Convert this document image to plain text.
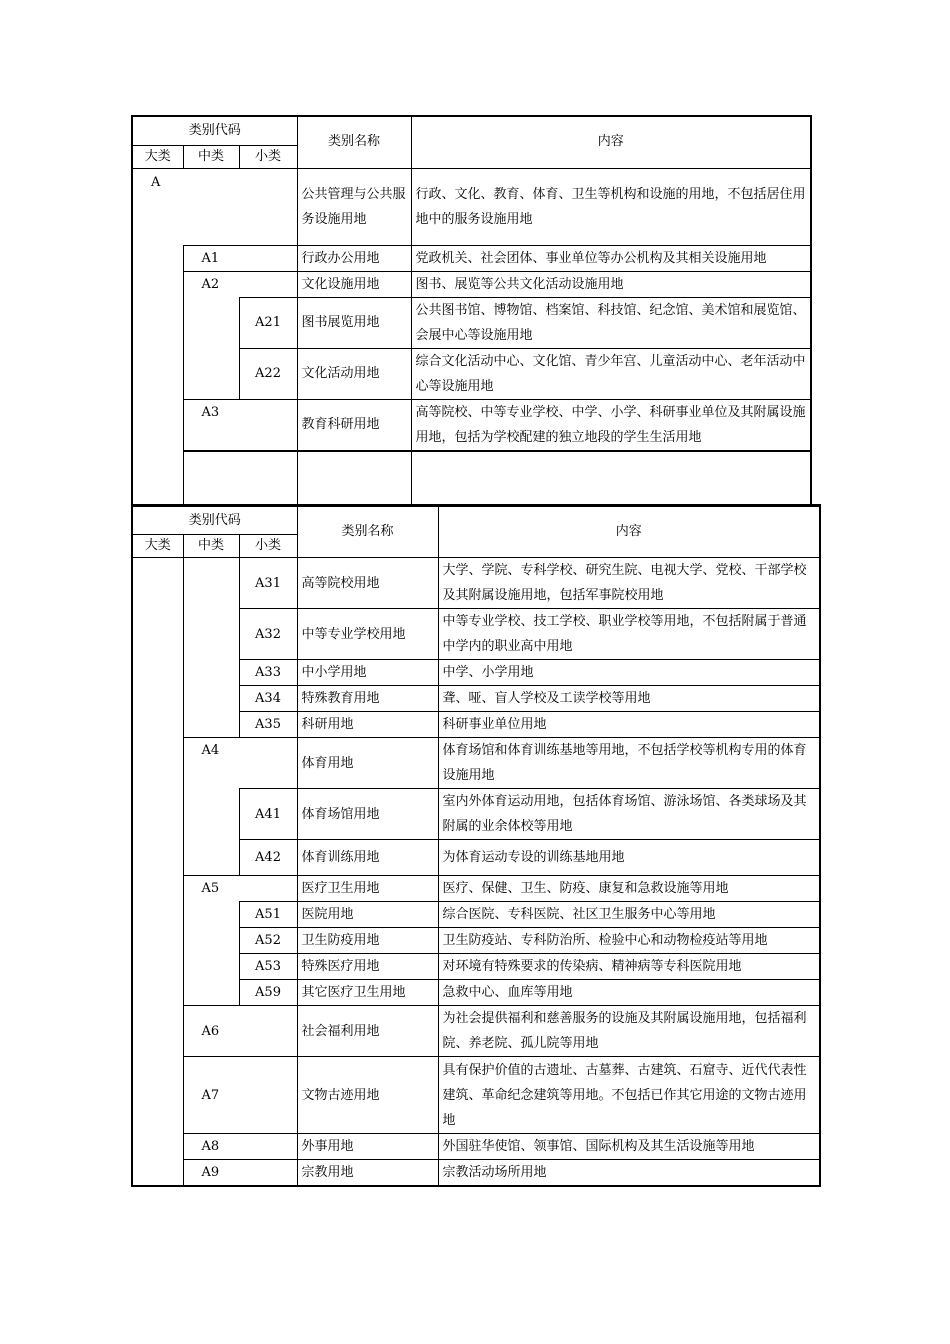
类别代码			类别名称	内容
大类	中类	小类		
A			公共管理与公共服务设施用地	行政、文化、教育、体育、卫生等机构和设施的用地，不包括居住用地中的服务设施用地
	A1		行政办公用地	党政机关、社会团体、事业单位等办公机构及其相关设施用地
	A2		文化设施用地	图书、展览等公共文化活动设施用地
		A21	图书展览用地	公共图书馆、博物馆、档案馆、科技馆、纪念馆、美术馆和展览馆、会展中心等设施用地
		A22	文化活动用地	综合文化活动中心、文化馆、青少年宫、儿童活动中心、老年活动中心等设施用地
	A3		教育科研用地	高等院校、中等专业学校、中学、小学、科研事业单位及其附属设施用地，包括为学校配建的独立地段的学生生活用地

类别代码			类别名称	内容
大类	中类	小类		
		A31	高等院校用地	大学、学院、专科学校、研究生院、电视大学、党校、干部学校及其附属设施用地，包括军事院校用地
		A32	中等专业学校用地	中等专业学校、技工学校、职业学校等用地，不包括附属于普通中学内的职业高中用地
		A33	中小学用地	中学、小学用地
		A34	特殊教育用地	聋、哑、盲人学校及工读学校等用地
		A35	科研用地	科研事业单位用地
	A4		体育用地	体育场馆和体育训练基地等用地，不包括学校等机构专用的体育设施用地
		A41	体育场馆用地	室内外体育运动用地，包括体育场馆、游泳场馆、各类球场及其附属的业余体校等用地
		A42	体育训练用地	为体育运动专设的训练基地用地
	A5		医疗卫生用地	医疗、保健、卫生、防疫、康复和急救设施等用地
		A51	医院用地	综合医院、专科医院、社区卫生服务中心等用地
		A52	卫生防疫用地	卫生防疫站、专科防治所、检验中心和动物检疫站等用地
		A53	特殊医疗用地	对环境有特殊要求的传染病、精神病等专科医院用地
		A59	其它医疗卫生用地	急救中心、血库等用地
	A6		社会福利用地	为社会提供福利和慈善服务的设施及其附属设施用地，包括福利院、养老院、孤儿院等用地
	A7		文物古迹用地	具有保护价值的古遗址、古墓葬、古建筑、石窟寺、近代代表性建筑、革命纪念建筑等用地。不包括已作其它用途的文物古迹用地
	A8		外事用地	外国驻华使馆、领事馆、国际机构及其生活设施等用地
	A9		宗教用地	宗教活动场所用地
